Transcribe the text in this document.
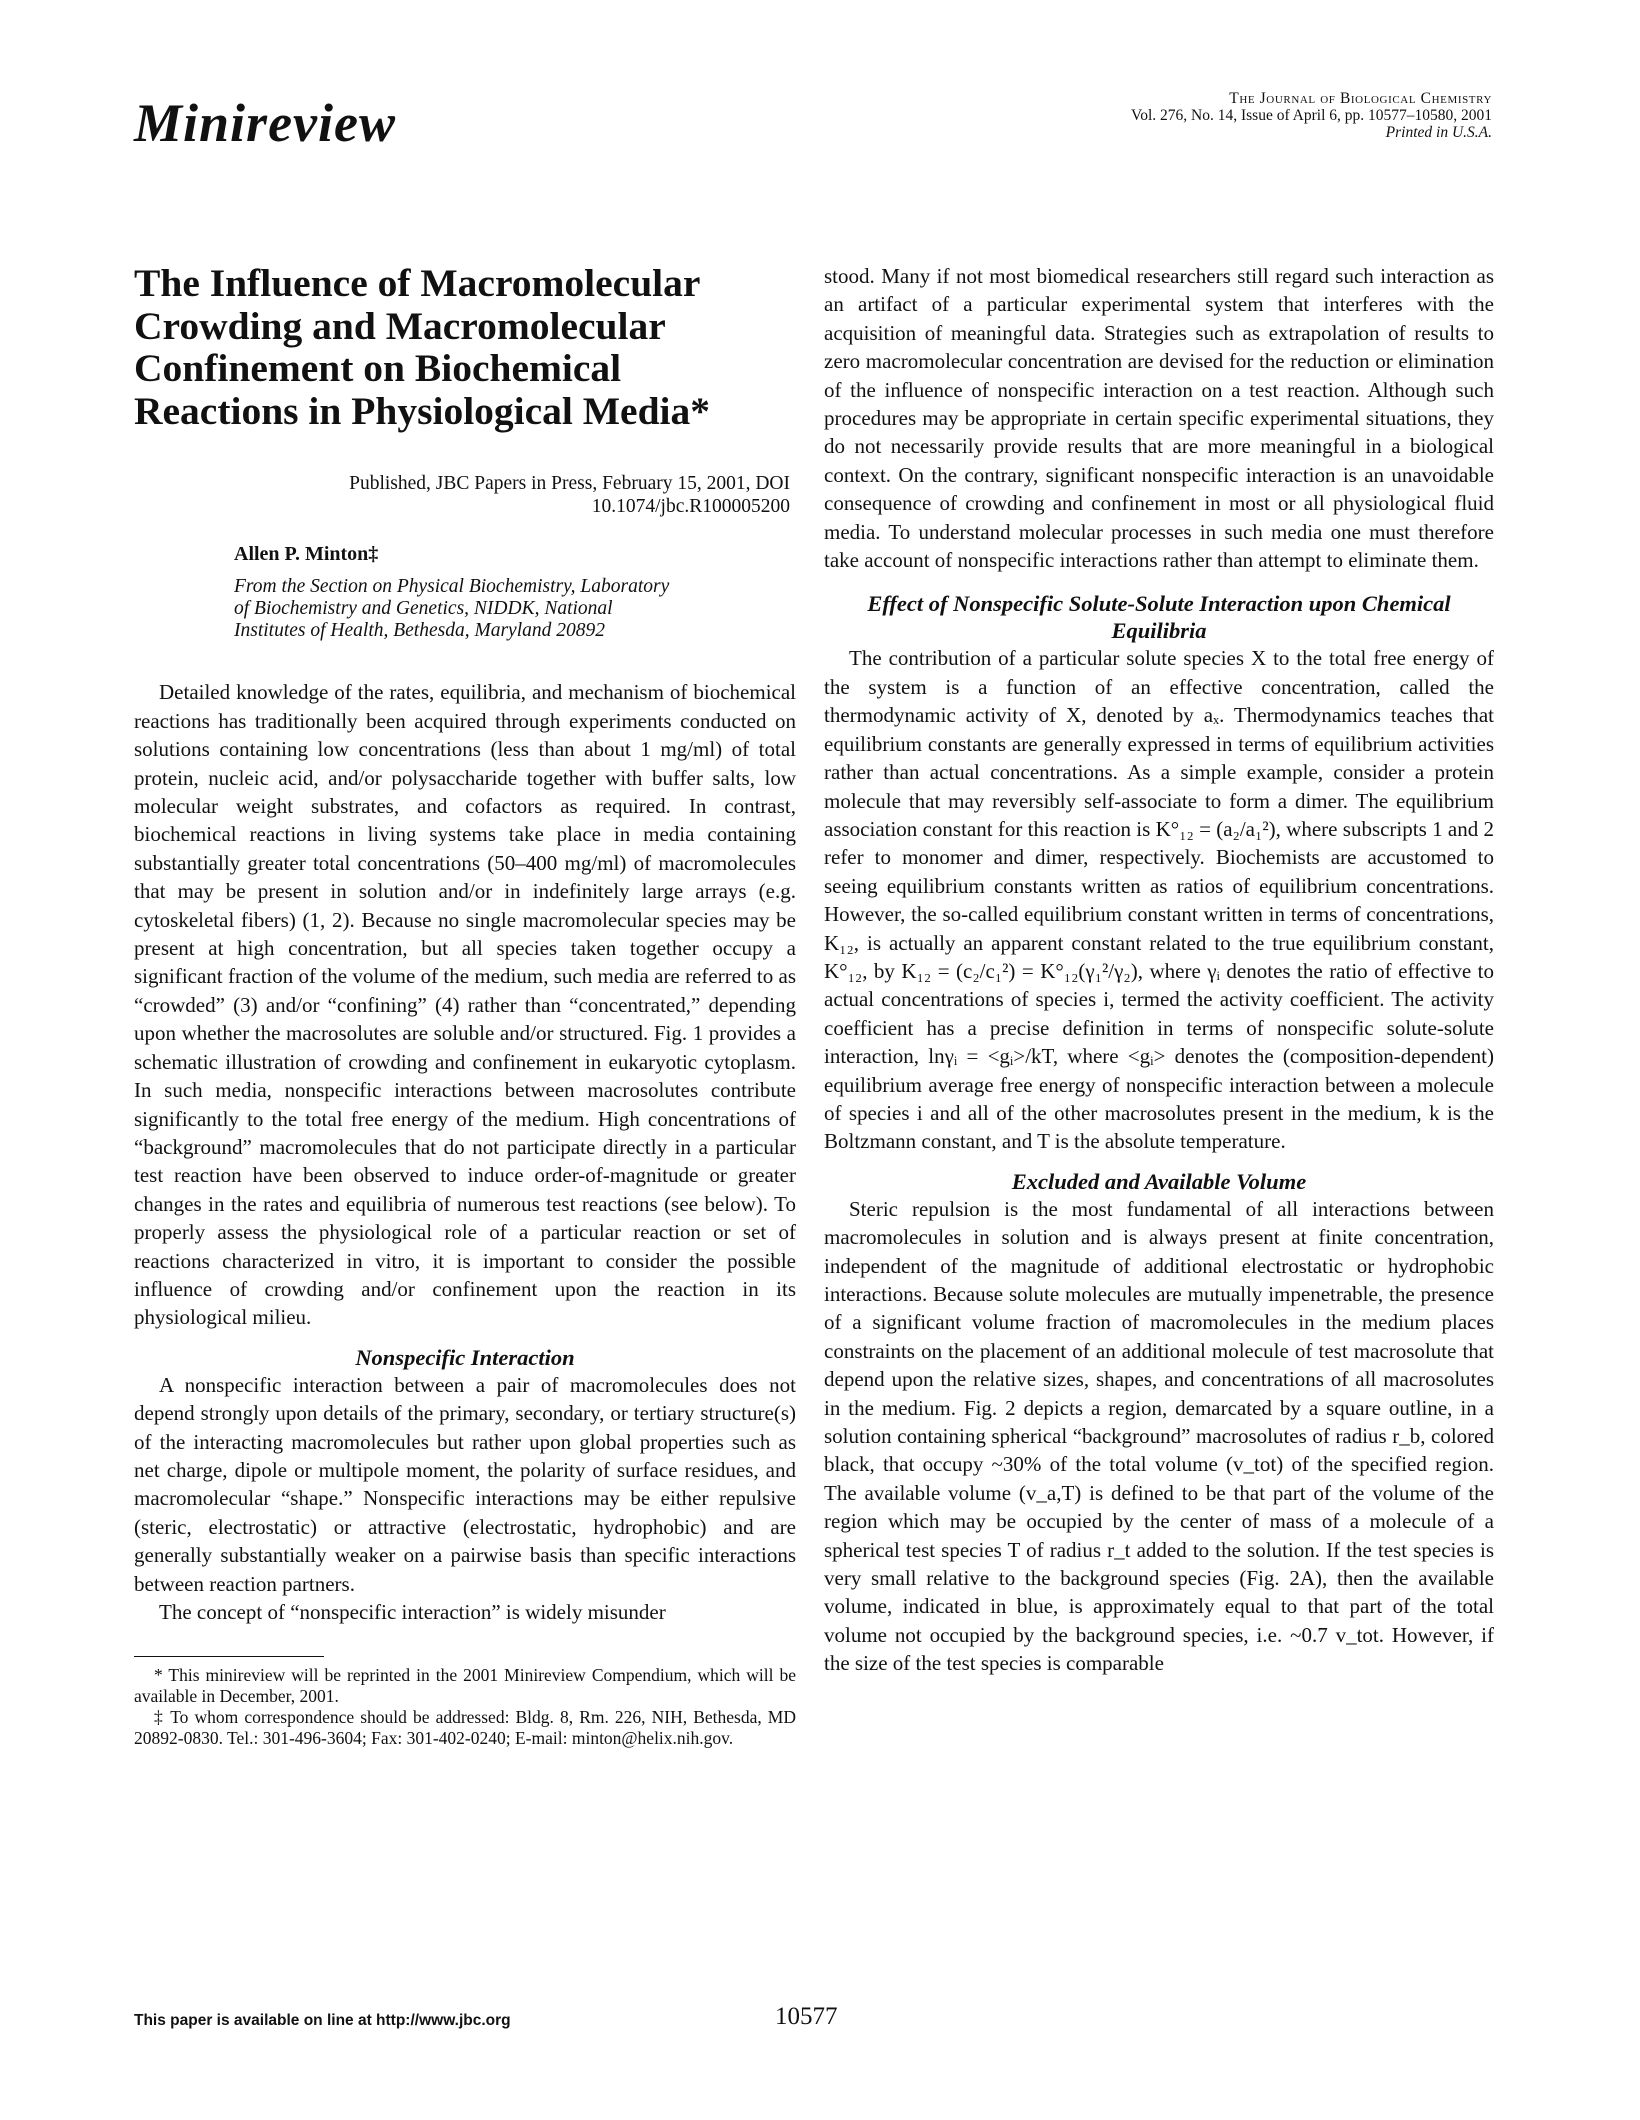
Minireview	The Journal of Biological Chemistry
Vol. 276, No. 14, Issue of April 6, pp. 10577–10580, 2001
Printed in U.S.A.
The Influence of Macromolecular Crowding and Macromolecular Confinement on Biochemical Reactions in Physiological Media*
Published, JBC Papers in Press, February 15, 2001, DOI
10.1074/jbc.R100005200
Allen P. Minton‡
From the Section on Physical Biochemistry, Laboratory
of Biochemistry and Genetics, NIDDK, National
Institutes of Health, Bethesda, Maryland 20892

Detailed knowledge of the rates, equilibria, and mechanism of biochemical reactions has traditionally been acquired through experiments conducted on solutions containing low concentrations (less than about 1 mg/ml) of total protein, nucleic acid, and/or polysaccharide together with buffer salts, low molecular weight substrates, and cofactors as required. In contrast, biochemical reactions in living systems take place in media containing substantially greater total concentrations (50–400 mg/ml) of macromolecules that may be present in solution and/or in indefinitely large arrays (e.g. cytoskeletal fibers) (1, 2). Because no single macromolecular species may be present at high concentration, but all species taken together occupy a significant fraction of the volume of the medium, such media are referred to as “crowded” (3) and/or “confining” (4) rather than “concentrated,” depending upon whether the macrosolutes are soluble and/or structured. Fig. 1 provides a schematic illustration of crowding and confinement in eukaryotic cytoplasm. In such media, nonspecific interactions between macrosolutes contribute significantly to the total free energy of the medium. High concentrations of “background” macromolecules that do not participate directly in a particular test reaction have been observed to induce order-of-magnitude or greater changes in the rates and equilibria of numerous test reactions (see below). To properly assess the physiological role of a particular reaction or set of reactions characterized in vitro, it is important to consider the possible influence of crowding and/or confinement upon the reaction in its physiological milieu.

Nonspecific Interaction

A nonspecific interaction between a pair of macromolecules does not depend strongly upon details of the primary, secondary, or tertiary structure(s) of the interacting macromolecules but rather upon global properties such as net charge, dipole or multipole moment, the polarity of surface residues, and macromolecular “shape.” Nonspecific interactions may be either repulsive (steric, electrostatic) or attractive (electrostatic, hydrophobic) and are generally substantially weaker on a pairwise basis than specific interactions between reaction partners.

The concept of “nonspecific interaction” is widely misunder

* This minireview will be reprinted in the 2001 Minireview Compendium, which will be available in December, 2001.

‡ To whom correspondence should be addressed: Bldg. 8, Rm. 226, NIH, Bethesda, MD 20892-0830. Tel.: 301-496-3604; Fax: 301-402-0240; E-mail: minton@helix.nih.gov.

stood. Many if not most biomedical researchers still regard such interaction as an artifact of a particular experimental system that interferes with the acquisition of meaningful data. Strategies such as extrapolation of results to zero macromolecular concentration are devised for the reduction or elimination of the influence of nonspecific interaction on a test reaction. Although such procedures may be appropriate in certain specific experimental situations, they do not necessarily provide results that are more meaningful in a biological context. On the contrary, significant nonspecific interaction is an unavoidable consequence of crowding and confinement in most or all physiological fluid media. To understand molecular processes in such media one must therefore take account of nonspecific interactions rather than attempt to eliminate them.

Effect of Nonspecific Solute-Solute Interaction upon Chemical Equilibria

The contribution of a particular solute species X to the total free energy of the system is a function of an effective concentration, called the thermodynamic activity of X, denoted by aₓ. Thermodynamics teaches that equilibrium constants are generally expressed in terms of equilibrium activities rather than actual concentrations. As a simple example, consider a protein molecule that may reversibly self-associate to form a dimer. The equilibrium association constant for this reaction is K°₁₂ = (a₂/a₁²), where subscripts 1 and 2 refer to monomer and dimer, respectively. Biochemists are accustomed to seeing equilibrium constants written as ratios of equilibrium concentrations. However, the so-called equilibrium constant written in terms of concentrations, K₁₂, is actually an apparent constant related to the true equilibrium constant, K°₁₂, by K₁₂ = (c₂/c₁²) = K°₁₂(γ₁²/γ₂), where γᵢ denotes the ratio of effective to actual concentrations of species i, termed the activity coefficient. The activity coefficient has a precise definition in terms of nonspecific solute-solute interaction, lnγᵢ = <gᵢ>/kT, where <gᵢ> denotes the (composition-dependent) equilibrium average free energy of nonspecific interaction between a molecule of species i and all of the other macrosolutes present in the medium, k is the Boltzmann constant, and T is the absolute temperature.

Excluded and Available Volume

Steric repulsion is the most fundamental of all interactions between macromolecules in solution and is always present at finite concentration, independent of the magnitude of additional electrostatic or hydrophobic interactions. Because solute molecules are mutually impenetrable, the presence of a significant volume fraction of macromolecules in the medium places constraints on the placement of an additional molecule of test macrosolute that depend upon the relative sizes, shapes, and concentrations of all macrosolutes in the medium. Fig. 2 depicts a region, demarcated by a square outline, in a solution containing spherical “background” macrosolutes of radius r_b, colored black, that occupy ~30% of the total volume (v_tot) of the specified region. The available volume (v_a,T) is defined to be that part of the volume of the region which may be occupied by the center of mass of a molecule of a spherical test species T of radius r_t added to the solution. If the test species is very small relative to the background species (Fig. 2A), then the available volume, indicated in blue, is approximately equal to that part of the total volume not occupied by the background species, i.e. ~0.7 v_tot. However, if the size of the test species is comparable

This paper is available on line at http://www.jbc.org	10577
